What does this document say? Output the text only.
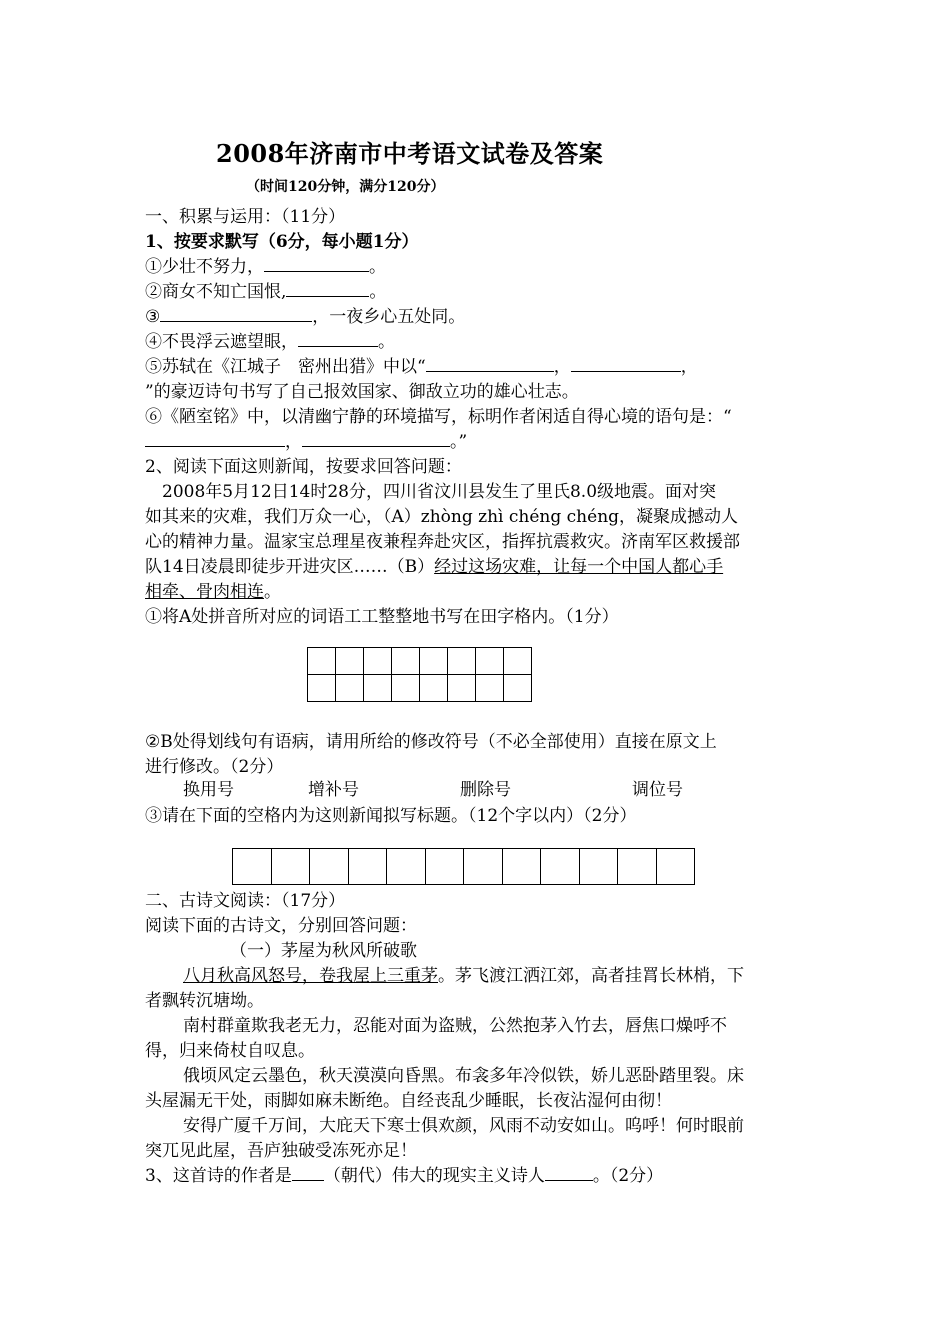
2008年济南市中考语文试卷及答案
（时间120分钟，满分120分）
一、积累与运用：（11分）
1、按要求默写（6分，每小题1分）
①少壮不努力，	。
②商女不知亡国恨,	。
③	，一夜乡心五处同。
④不畏浮云遮望眼，	。
⑤苏轼在《江城子　密州出猎》中以“	，	，
”的豪迈诗句书写了自己报效国家、御敌立功的雄心壮志。
⑥《陋室铭》中，以清幽宁静的环境描写，标明作者闲适自得心境的语句是：“
，	。”
2、阅读下面这则新闻，按要求回答问题：
　2008年5月12日14时28分，四川省汶川县发生了里氏8.0级地震。面对突
如其来的灾难，我们万众一心，（A）zhòng zhì chéng chéng，凝聚成撼动人
心的精神力量。温家宝总理星夜兼程奔赴灾区，指挥抗震救灾。济南军区救援部
队14日凌晨即徒步开进灾区……（B）经过这场灾难，让每一个中国人都心手
相牵、骨肉相连。
①将A处拼音所对应的词语工工整整地书写在田字格内。（1分）
②B处得划线句有语病，请用所给的修改符号（不必全部使用）直接在原文上
进行修改。（2分）
换用号	增补号	删除号	调位号
③请在下面的空格内为这则新闻拟写标题。（12个字以内）（2分）
二、古诗文阅读：（17分）
阅读下面的古诗文，分别回答问题：
（一）茅屋为秋风所破歌
八月秋高风怒号，卷我屋上三重茅。茅飞渡江洒江郊，高者挂罥长林梢，下
者飘转沉塘坳。
南村群童欺我老无力，忍能对面为盗贼，公然抱茅入竹去，唇焦口燥呼不
得，归来倚杖自叹息。
俄顷风定云墨色，秋天漠漠向昏黑。布衾多年冷似铁，娇儿恶卧踏里裂。床
头屋漏无干处，雨脚如麻未断绝。自经丧乱少睡眠，长夜沾湿何由彻！
安得广厦千万间，大庇天下寒士俱欢颜，风雨不动安如山。呜呼！何时眼前
突兀见此屋，吾庐独破受冻死亦足！
3、这首诗的作者是 （朝代）伟大的现实主义诗人	。（2分）
